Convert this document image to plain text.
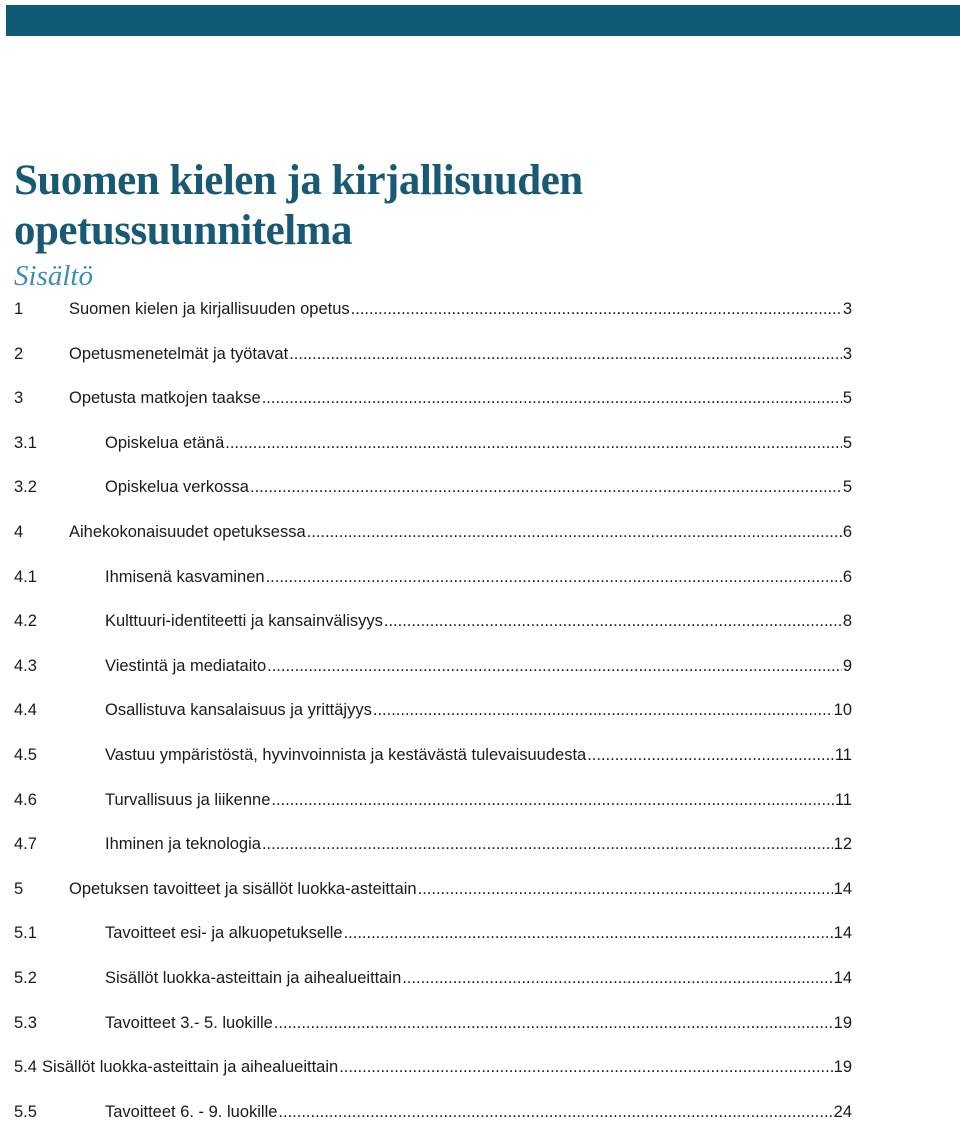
Suomen kielen ja kirjallisuuden opetussuunnitelma
Sisältö
1	Suomen kielen ja kirjallisuuden opetus .....	3
2	Opetusmenetelmät ja työtavat .....	3
3	Opetusta matkojen taakse .....	5
3.1	Opiskelua etänä .....	5
3.2	Opiskelua verkossa .....	5
4	Aihekokonaisuudet opetuksessa .....	6
4.1	Ihmisenä kasvaminen .....	6
4.2	Kulttuuri-identiteetti ja kansainvälisyys .....	8
4.3	Viestintä ja mediataito .....	9
4.4	Osallistuva kansalaisuus ja yrittäjyys .....	10
4.5	Vastuu ympäristöstä, hyvinvoinnista ja kestävästä tulevaisuudesta .....	11
4.6	Turvallisuus ja liikenne .....	11
4.7	Ihminen ja teknologia .....	12
5	Opetuksen tavoitteet ja sisällöt luokka-asteittain .....	14
5.1	Tavoitteet esi- ja alkuopetukselle .....	14
5.2	Sisällöt luokka-asteittain ja aihealueittain .....	14
5.3	Tavoitteet 3.- 5. luokille .....	19
5.4 Sisällöt luokka-asteittain ja aihealueittain .....	19
5.5	Tavoitteet 6. - 9. luokille .....	24
